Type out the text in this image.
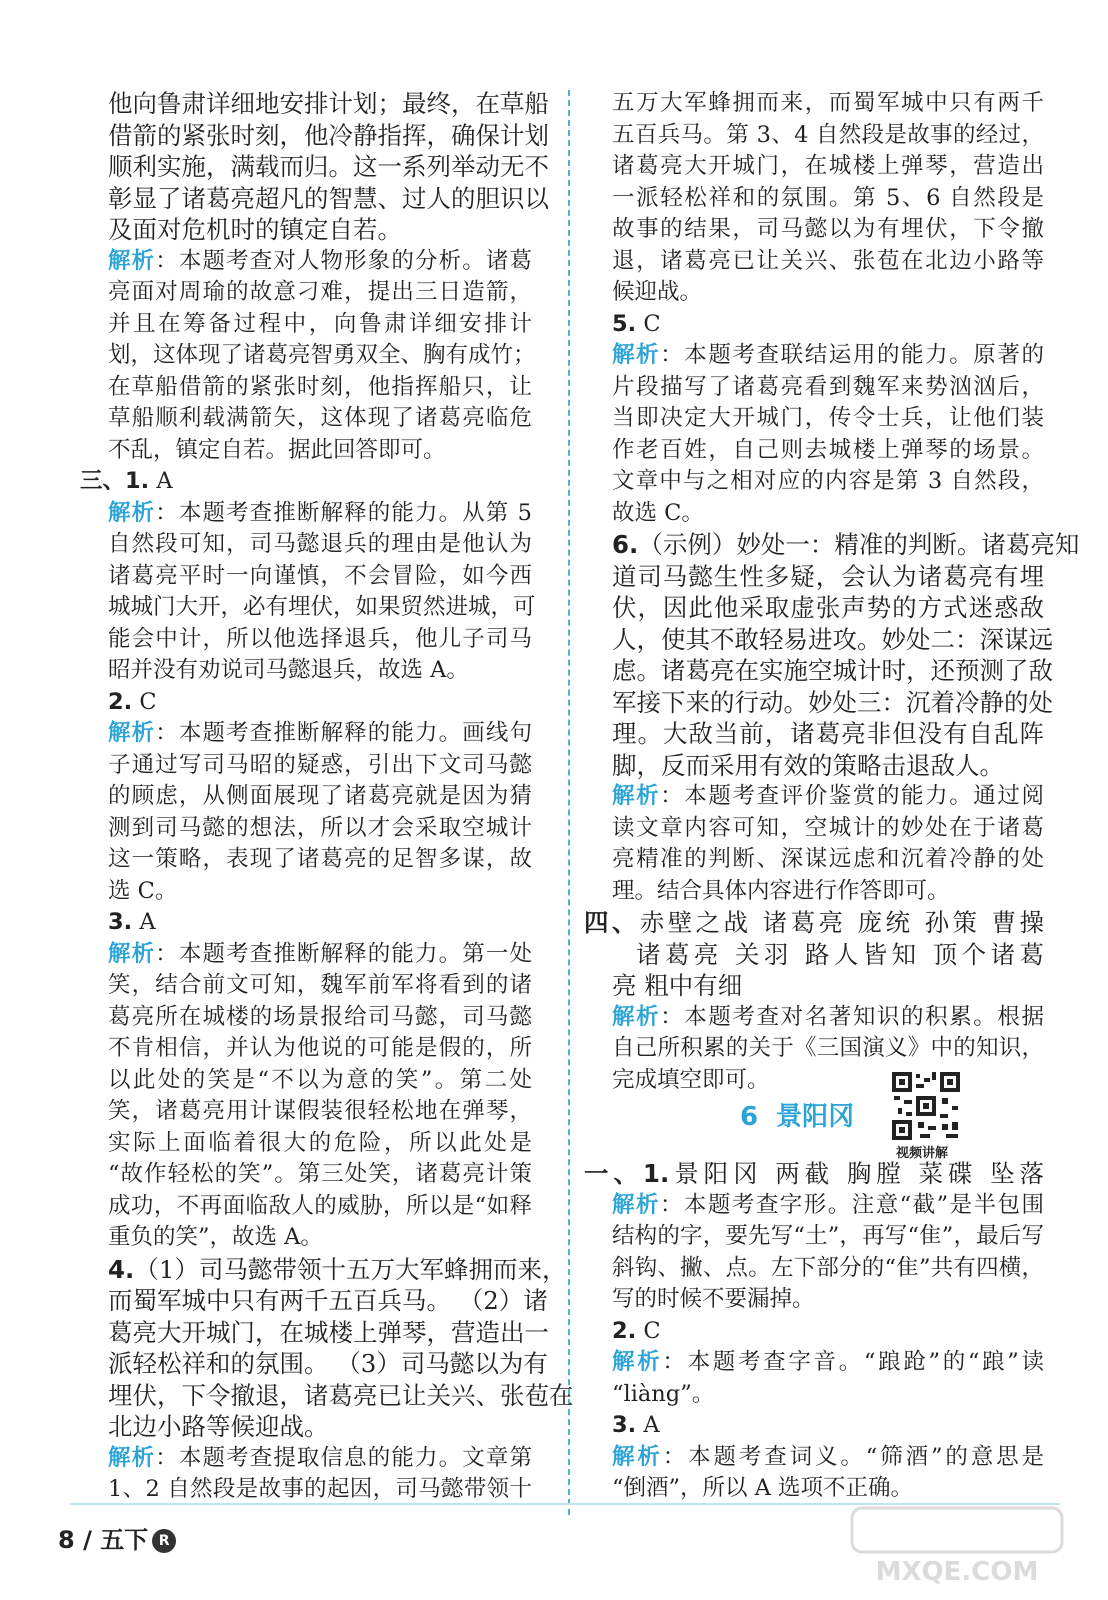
他向鲁肃详细地安排计划；最终，在草船
借箭的紧张时刻，他冷静指挥，确保计划
顺利实施，满载而归。这一系列举动无不
彰显了诸葛亮超凡的智慧、过人的胆识以
及面对危机时的镇定自若。
解析：本题考查对人物形象的分析。诸葛
亮面对周瑜的故意刁难，提出三日造箭，
并且在筹备过程中，向鲁肃详细安排计
划，这体现了诸葛亮智勇双全、胸有成竹；
在草船借箭的紧张时刻，他指挥船只，让
草船顺利载满箭矢，这体现了诸葛亮临危
不乱，镇定自若。据此回答即可。
三、1. A
解析：本题考查推断解释的能力。从第 5
自然段可知，司马懿退兵的理由是他认为
诸葛亮平时一向谨慎，不会冒险，如今西
城城门大开，必有埋伏，如果贸然进城，可
能会中计，所以他选择退兵，他儿子司马
昭并没有劝说司马懿退兵，故选 A。
2. C
解析：本题考查推断解释的能力。画线句
子通过写司马昭的疑惑，引出下文司马懿
的顾虑，从侧面展现了诸葛亮就是因为猜
测到司马懿的想法，所以才会采取空城计
这一策略，表现了诸葛亮的足智多谋，故
选 C。
3. A
解析：本题考查推断解释的能力。第一处
笑，结合前文可知，魏军前军将看到的诸
葛亮所在城楼的场景报给司马懿，司马懿
不肯相信，并认为他说的可能是假的，所
以此处的笑是“不以为意的笑”。第二处
笑，诸葛亮用计谋假装很轻松地在弹琴，
实际上面临着很大的危险，所以此处是
“故作轻松的笑”。第三处笑，诸葛亮计策
成功，不再面临敌人的威胁，所以是“如释
重负的笑”，故选 A。
4.（1）司马懿带领十五万大军蜂拥而来，
而蜀军城中只有两千五百兵马。 （2）诸
葛亮大开城门，在城楼上弹琴，营造出一
派轻松祥和的氛围。 （3）司马懿以为有
埋伏，下令撤退，诸葛亮已让关兴、张苞在
北边小路等候迎战。
解析：本题考查提取信息的能力。文章第
1、2 自然段是故事的起因，司马懿带领十
五万大军蜂拥而来，而蜀军城中只有两千
五百兵马。第 3、4 自然段是故事的经过，
诸葛亮大开城门，在城楼上弹琴，营造出
一派轻松祥和的氛围。第 5、6 自然段是
故事的结果，司马懿以为有埋伏，下令撤
退，诸葛亮已让关兴、张苞在北边小路等
候迎战。
5. C
解析：本题考查联结运用的能力。原著的
片段描写了诸葛亮看到魏军来势汹汹后，
当即决定大开城门，传令士兵，让他们装
作老百姓，自己则去城楼上弹琴的场景。
文章中与之相对应的内容是第 3 自然段，
故选 C。
6.（示例）妙处一：精准的判断。诸葛亮知
道司马懿生性多疑，会认为诸葛亮有埋
伏，因此他采取虚张声势的方式迷惑敌
人，使其不敢轻易进攻。妙处二：深谋远
虑。诸葛亮在实施空城计时，还预测了敌
军接下来的行动。妙处三：沉着冷静的处
理。大敌当前，诸葛亮非但没有自乱阵
脚，反而采用有效的策略击退敌人。
解析：本题考查评价鉴赏的能力。通过阅
读文章内容可知，空城计的妙处在于诸葛
亮精准的判断、深谋远虑和沉着冷静的处
理。结合具体内容进行作答即可。
四、赤壁之战 诸葛亮 庞统 孙策 曹操
诸葛亮 关羽 路人皆知 顶个诸葛
亮 粗中有细
解析：本题考查对名著知识的积累。根据
自己所积累的关于《三国演义》中的知识，
完成填空即可。
一、1.景阳冈 两截 胸膛 菜碟 坠落
解析：本题考查字形。注意“截”是半包围
结构的字，要先写“土”，再写“隹”，最后写
斜钩、撇、点。左下部分的“隹”共有四横，
写的时候不要漏掉。
2. C
解析：本题考查字音。“踉跄”的“踉”读
“liàng”。
3. A
解析：本题考查词义。“筛酒”的意思是
“倒酒”，所以 A 选项不正确。
6 景阳冈
视频讲解
8 / 五下 R
MXQE.COM
